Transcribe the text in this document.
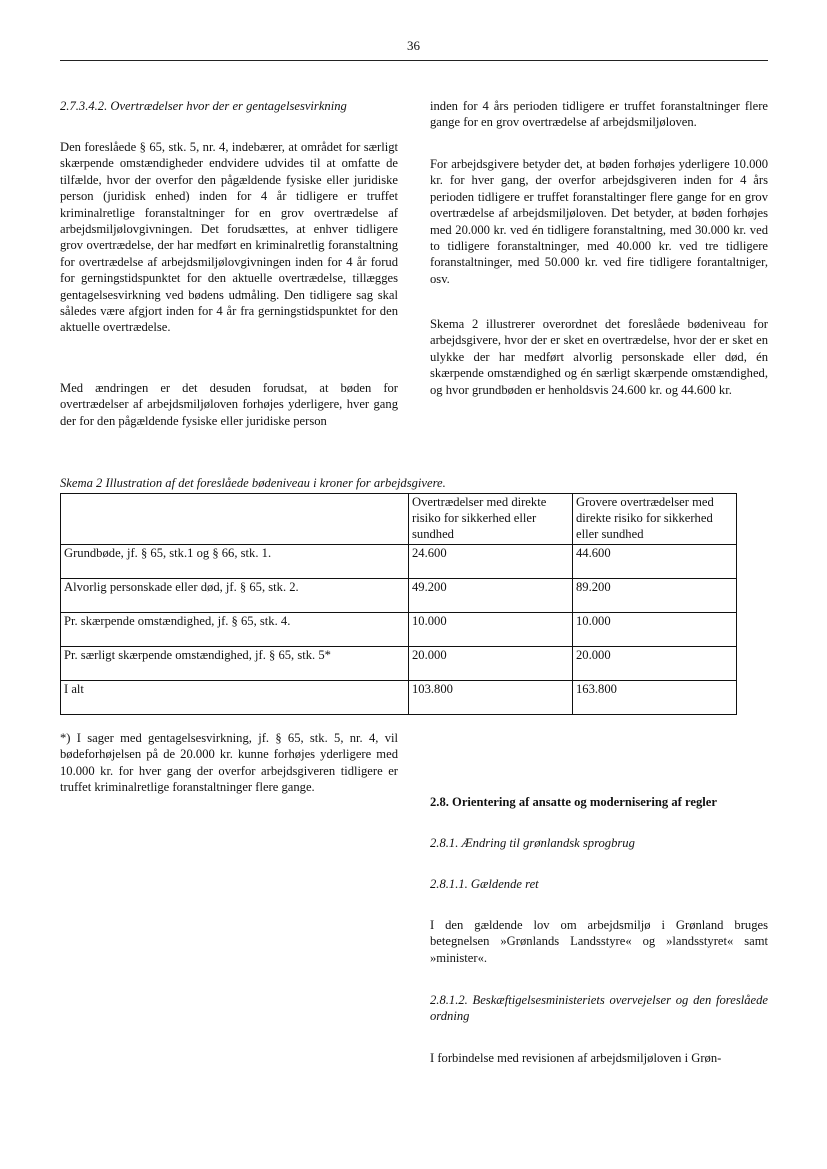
36

2.7.3.4.2. Overtrædelser hvor der er gentagelsesvirkning

Den foreslåede § 65, stk. 5, nr. 4, indebærer, at området for særligt skærpende omstændigheder endvidere udvides til at omfatte de tilfælde, hvor der overfor den pågældende fysiske eller juridiske person (juridisk enhed) inden for 4 år tidligere er truffet kriminalretlige foranstaltninger for en grov overtrædelse af arbejdsmiljølovgivningen. Det forudsættes, at enhver tidligere grov overtrædelse, der har medført en kriminalretlig foranstaltning for overtrædelse af arbejdsmiljølovgivningen inden for 4 år forud for gerningstidspunktet for den aktuelle overtrædelse, tillægges gentagelsesvirkning ved bødens udmåling. Den tidligere sag skal således være afgjort inden for 4 år fra gerningstidspunktet for den aktuelle overtrædelse.

Med ændringen er det desuden forudsat, at bøden for overtrædelser af arbejdsmiljøloven forhøjes yderligere, hver gang der for den pågældende fysiske eller juridiske person

inden for 4 års perioden tidligere er truffet foranstaltninger flere gange for en grov overtrædelse af arbejdsmiljøloven.

For arbejdsgivere betyder det, at bøden forhøjes yderligere 10.000 kr. for hver gang, der overfor arbejdsgiveren inden for 4 års perioden tidligere er truffet foranstaltinger flere gange for en grov overtrædelse af arbejdsmiljøloven. Det betyder, at bøden forhøjes med 20.000 kr. ved én tidligere foranstaltning, med 30.000 kr. ved to tidligere foranstaltninger, med 40.000 kr. ved tre tidligere foranstaltninger, med 50.000 kr. ved fire tidligere forantaltniger, osv.

Skema 2 illustrerer overordnet det foreslåede bødeniveau for arbejdsgivere, hvor der er sket en overtrædelse, hvor der er sket en ulykke der har medført alvorlig personskade eller død, én skærpende omstændighed og én særligt skærpende omstændighed, og hvor grundbøden er henholdsvis 24.600 kr. og 44.600 kr.

Skema 2 Illustration af det foreslåede bødeniveau i kroner for arbejdsgivere.
	Overtrædelser med direkte risiko for sikkerhed eller sundhed	Grovere overtrædelser med direkte risiko for sikkerhed eller sundhed
Grundbøde, jf. § 65, stk.1 og § 66, stk. 1.	24.600	44.600
Alvorlig personskade eller død, jf. § 65, stk. 2.	49.200	89.200
Pr. skærpende omstændighed, jf. § 65, stk. 4.	10.000	10.000
Pr. særligt skærpende omstændighed, jf. § 65, stk. 5*	20.000	20.000
I alt	103.800	163.800
*) I sager med gentagelsesvirkning, jf. § 65, stk. 5, nr. 4, vil bødeforhøjelsen på de 20.000 kr. kunne forhøjes yderligere med 10.000 kr. for hver gang der overfor arbejdsgiveren tidligere er truffet kriminalretlige foranstaltninger flere gange.

2.8. Orientering af ansatte og modernisering af regler

2.8.1. Ændring til grønlandsk sprogbrug

2.8.1.1. Gældende ret

I den gældende lov om arbejdsmiljø i Grønland bruges betegnelsen »Grønlands Landsstyre« og »landsstyret« samt »minister«.

2.8.1.2. Beskæftigelsesministeriets overvejelser og den foreslåede ordning

I forbindelse med revisionen af arbejdsmiljøloven i Grøn-
